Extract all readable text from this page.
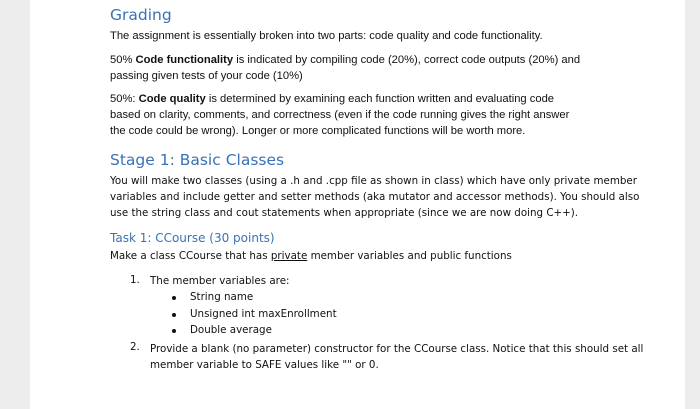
Grading

The assignment is essentially broken into two parts: code quality and code functionality.

50% Code functionality is indicated by compiling code (20%), correct code outputs (20%) and
passing given tests of your code (10%)
50%: Code quality is determined by examining each function written and evaluating code
based on clarity, comments, and correctness (even if the code running gives the right answer
the code could be wrong). Longer or more complicated functions will be worth more.
Stage 1: Basic Classes
You will make two classes (using a .h and .cpp file as shown in class) which have only private member
variables and include getter and setter methods (aka mutator and accessor methods). You should also
use the string class and cout statements when appropriate (since we are now doing C++).
Task 1: CCourse (30 points)
Make a class CCourse that has private member variables and public functions
1. The member variables are:
String name
Unsigned int maxEnrollment
Double average
2. Provide a blank (no parameter) constructor for the CCourse class. Notice that this should set all
member variable to SAFE values like "" or 0.
